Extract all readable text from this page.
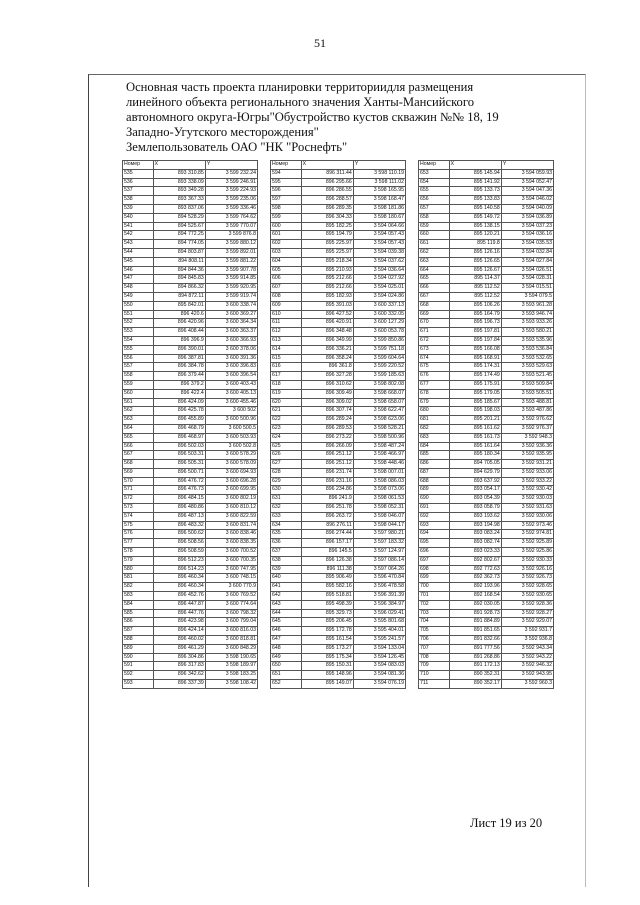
51
Основная часть проекта планировки территориидля размещения
линейного объекта регионального значения Ханты-Мансийского
автономного округа-Югры"Обустройство кустов скважин №№ 18, 19
Западно-Угутского месторождения"
Землепользователь ОАО "НК "Роснефть"
Номер	X	Y
535	893 310.85	3 599 232.24
536	893 338.09	3 599 246.91
537	893 349.28	3 599 224.93
538	893 367.33	3 599 235.06
539	893 837.06	3 599 336.46
540	894 528.29	3 599 764.62
541	894 525.67	3 599 770.07
542	894 772.25	3 599 876.8
543	894 774.05	3 599 880.12
544	894 803.87	3 599 892.01
545	894 808.11	3 599 881.22
546	894 844.36	3 599 907.78
547	894 845.83	3 599 914.85
548	894 866.32	3 599 920.95
549	894 872.11	3 599 919.74
550	895 842.01	3 600 338.74
551	896 420.6	3 600 369.27
552	896 420.96	3 600 364.34
553	896 408.44	3 600 363.37
554	896 396.9	3 600 366.93
555	896 390.01	3 600 378.06
556	896 387.81	3 600 391.36
557	896 384.78	3 600 396.83
558	896 379.44	3 600 396.54
559	896 379.2	3 600 403.43
560	896 422.4	3 600 405.13
561	896 424.09	3 600 455.46
562	896 425.78	3 600 502
563	896 455.89	3 600 500.96
564	896 468.79	3 600 500.5
565	896 468.97	3 600 503.93
566	896 502.03	3 600 502.8
567	896 503.31	3 600 578.29
568	896 505.31	3 600 578.09
569	896 500.71	3 600 694.93
570	896 476.72	3 600 696.28
571	896 476.73	3 600 699.95
572	896 484.15	3 600 802.19
573	896 480.86	3 600 810.12
574	896 487.13	3 600 822.59
575	896 483.32	3 600 831.74
576	896 500.62	3 600 838.46
577	896 508.56	3 600 838.35
578	896 508.59	3 600 700.52
579	896 512.23	3 600 700.35
580	896 514.23	3 600 747.95
581	896 460.34	3 600 748.15
582	896 460.34	3 600 770.9
583	896 452.76	3 600 769.52
584	896 447.87	3 600 774.64
585	896 447.76	3 600 798.32
586	896 423.98	3 600 799.04
587	896 424.14	3 600 816.03
588	896 460.02	3 600 818.81
589	896 461.29	3 600 848.29
590	896 304.86	3 598 190.65
591	896 317.83	3 598 189.97
592	896 342.62	3 598 183.25
593	896 337.39	3 598 108.42
Номер	X	Y
594	896 311.44	3 598 110.19
595	896 295.66	3 598 111.02
596	896 286.55	3 598 165.95
597	896 288.57	3 598 168.47
598	896 289.35	3 598 181.86
599	896 304.33	3 598 180.67
600	895 182.25	3 594 064.66
601	895 194.79	3 594 057.43
602	895 225.97	3 594 057.43
603	895 225.97	3 594 039.38
604	895 218.34	3 594 037.62
605	895 210.93	3 594 036.64
606	895 212.66	3 594 027.92
607	895 212.66	3 594 025.01
608	895 182.93	3 594 024.86
609	895 391.03	3 600 337.13
610	896 427.52	3 600 332.05
611	896 420.91	3 600 127.29
612	896 348.48	3 600 053.78
613	896 349.99	3 599 850.86
614	896 336.21	3 599 751.18
615	896 358.24	3 599 604.64
616	896 361.8	3 599 220.52
617	896 327.28	3 599 185.63
618	896 310.62	3 598 802.08
619	896 309.49	3 598 668.07
620	896 309.02	3 598 658.07
621	896 307.74	3 598 622.47
622	896 289.24	3 598 623.06
623	896 289.53	3 598 528.21
624	896 273.22	3 598 500.96
625	896 266.09	3 598 487.24
626	896 251.12	3 598 466.97
627	896 251.12	3 598 448.46
628	896 231.74	3 598 007.01
629	896 231.16	3 598 086.03
630	896 234.86	3 598 073.06
631	896 241.9	3 598 061.53
632	896 251.78	3 598 052.31
633	896 263.72	3 598 046.07
634	896 276.11	3 598 044.17
635	896 274.44	3 597 980.21
636	896 157.17	3 597 183.32
637	896 145.5	3 597 124.97
638	896 126.38	3 597 086.14
639	896 111.38	3 597 064.26
640	895 906.49	3 596 470.84
641	895 582.16	3 596 478.58
642	895 518.81	3 596 391.39
643	895 498.39	3 596 384.97
644	895 329.73	3 596 029.41
645	895 206.45	3 595 801.68
646	895 172.78	3 595 404.01
647	895 161.54	3 595 241.57
648	895 173.27	3 594 133.04
649	895 175.34	3 594 126.45
650	895 150.31	3 594 083.03
651	895 148.96	3 594 081.36
652	895 149.07	3 594 076.19
Номер	X	Y
653	895 145.94	3 594 059.93
654	895 141.92	3 594 052.47
655	895 133.73	3 594 047.36
656	895 133.83	3 594 046.02
657	895 140.58	3 594 040.09
658	895 149.72	3 594 036.89
659	895 138.15	3 594 037.23
660	895 120.21	3 594 036.16
661	895 119.8	3 594 035.53
662	895 126.16	3 594 032.84
663	895 126.65	3 594 027.84
664	895 126.67	3 594 026.51
665	895 114.37	3 594 028.31
666	895 112.52	3 594 015.51
667	895 112.52	3 594 079.5
668	895 106.26	3 593 961.28
669	895 164.79	3 593 946.74
670	895 196.73	3 593 933.26
671	895 197.81	3 593 580.21
672	895 197.84	3 593 535.96
673	895 166.08	3 593 536.84
674	895 168.91	3 593 532.65
675	895 174.31	3 593 529.63
676	895 174.49	3 593 521.45
677	895 175.91	3 593 509.84
678	895 179.05	3 593 505.51
679	895 185.67	3 593 488.81
680	895 198.03	3 593 487.86
681	895 201.21	3 592 976.62
682	895 161.62	3 592 976.37
683	895 161.73	3 592 948.3
684	895 161.64	3 592 936.36
685	895 180.34	3 592 935.95
686	894 705.05	3 592 931.21
687	894 629.79	3 592 933.06
688	893 637.92	3 592 933.22
689	893 054.17	3 592 930.42
690	893 054.39	3 592 930.03
691	893 058.79	3 592 931.63
692	893 193.62	3 592 930.06
693	893 194.98	3 592 973.46
694	893 083.24	3 592 974.81
695	893 082.74	3 592 925.89
696	893 023.33	3 592 925.86
697	892 802.67	3 592 930.33
698	892 772.63	3 592 926.16
699	892 362.73	3 592 926.73
700	892 193.96	3 592 928.65
701	892 168.54	3 592 930.65
702	892 030.05	3 592 928.36
703	891 928.73	3 592 928.27
704	891 884.89	3 592 929.07
705	891 851.65	3 592 931.7
706	891 832.66	3 592 936.8
707	891 777.56	3 592 943.34
708	891 268.86	3 592 943.22
709	891 172.13	3 592 946.32
710	890 352.31	3 592 943.95
711	890 352.17	3 592 960.3
Лист 19 из 20
